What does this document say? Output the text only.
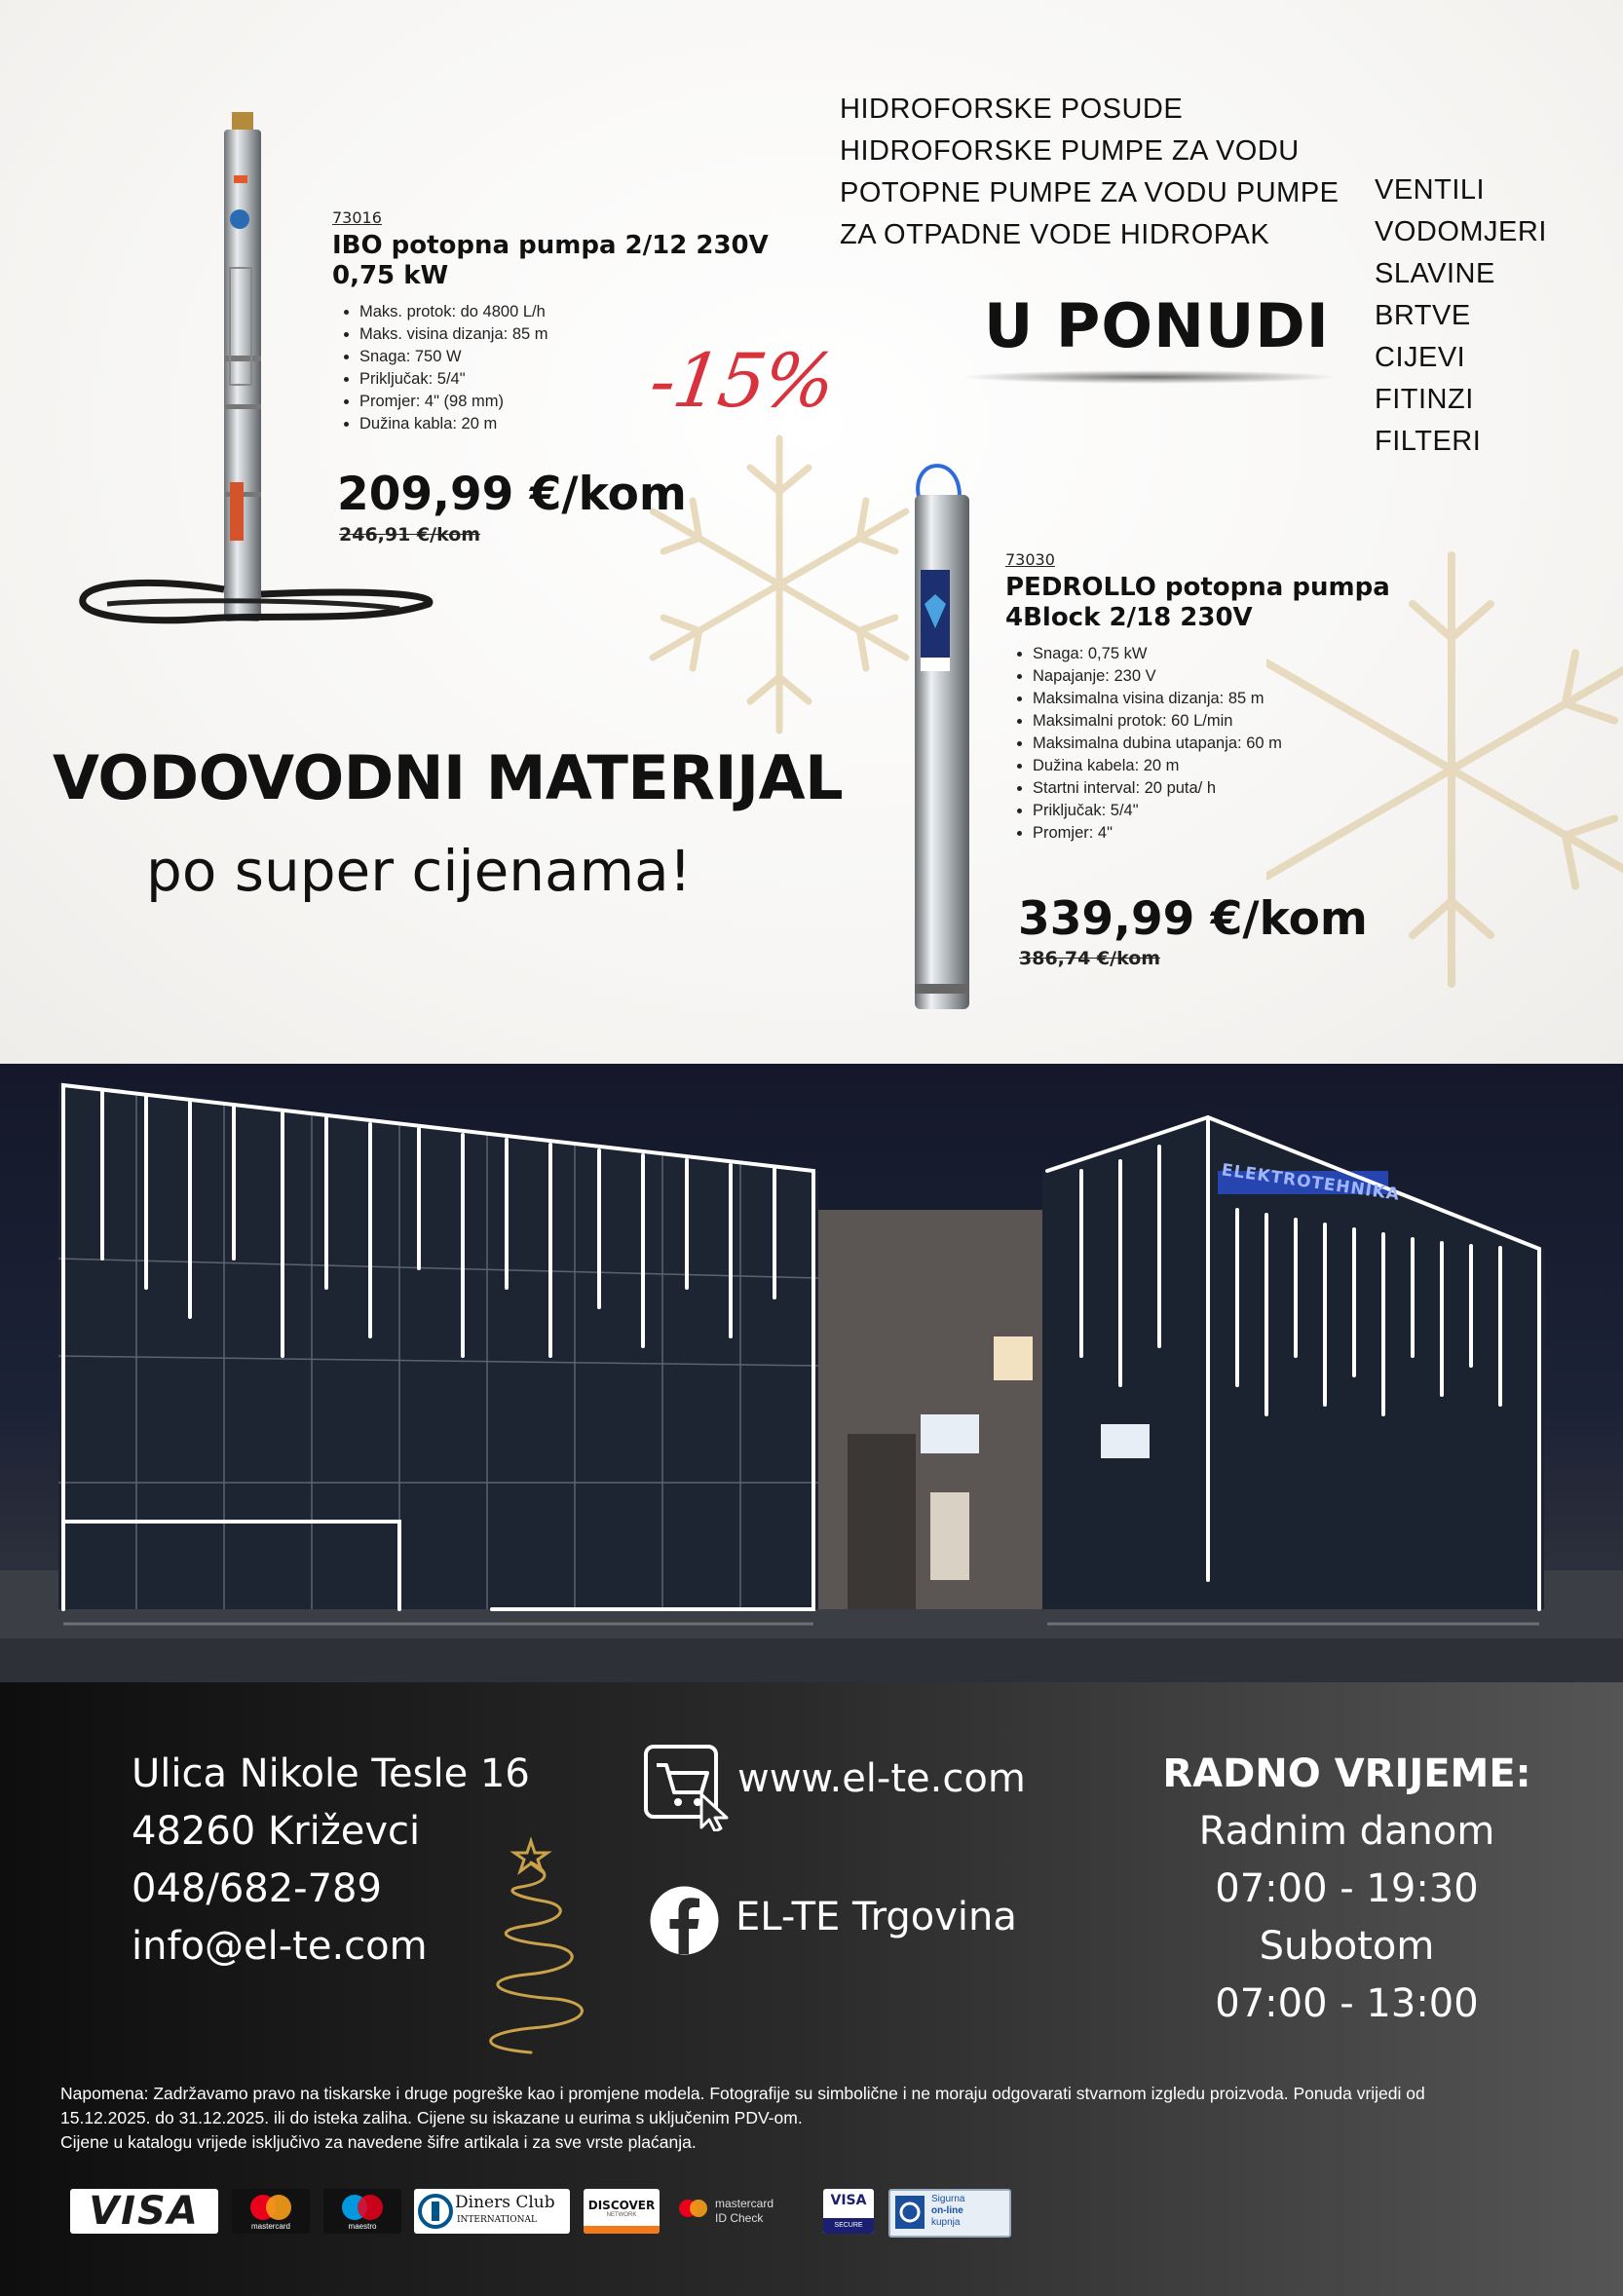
73016
IBO potopna pumpa 2/12 230V
0,75 kW
• Maks. protok: do 4800 L/h
• Maks. visina dizanja: 85 m
• Snaga: 750 W
• Priključak: 5/4"
• Promjer: 4" (98 mm)
• Dužina kabla: 20 m
209,99 €/kom
246,91 €/kom
-15%
HIDROFORSKE POSUDE
HIDROFORSKE PUMPE ZA VODU
POTOPNE PUMPE ZA VODU PUMPE
ZA OTPADNE VODE HIDROPAK
U PONUDI
VENTILI
VODOMJERI
SLAVINE
BRTVE
CIJEVI
FITINZI
FILTERI
73030
PEDROLLO potopna pumpa
4Block 2/18 230V
• Snaga: 0,75 kW
• Napajanje: 230 V
• Maksimalna visina dizanja: 85 m
• Maksimalni protok: 60 L/min
• Maksimalna dubina utapanja: 60 m
• Dužina kabela: 20 m
• Startni interval: 20 puta/ h
• Priključak: 5/4"
• Promjer: 4"
339,99 €/kom
386,74 €/kom
VODOVODNI MATERIJAL
po super cijenama!
ELEKTROTEHNIKA
Ulica Nikole Tesle 16
48260 Križevci
048/682-789
info@el-te.com
www.el-te.com
EL-TE Trgovina
RADNO VRIJEME:
Radnim danom
07:00 - 19:30
Subotom
07:00 - 13:00
Napomena: Zadržavamo pravo na tiskarske i druge pogreške kao i promjene modela. Fotografije su simbolične i ne moraju odgovarati stvarnom izgledu proizvoda. Ponuda vrijedi od
15.12.2025. do 31.12.2025. ili do isteka zaliha. Cijene su iskazane u eurima s uključenim PDV-om.
Cijene u katalogu vrijede isključivo za navedene šifre artikala i za sve vrste plaćanja.
VISA	mastercard	maestro
Diners Club
INTERNATIONAL
DISCOVER
NETWORK
mastercard
ID Check
VISA
SECURE
Sigurna
on-line
kupnja
